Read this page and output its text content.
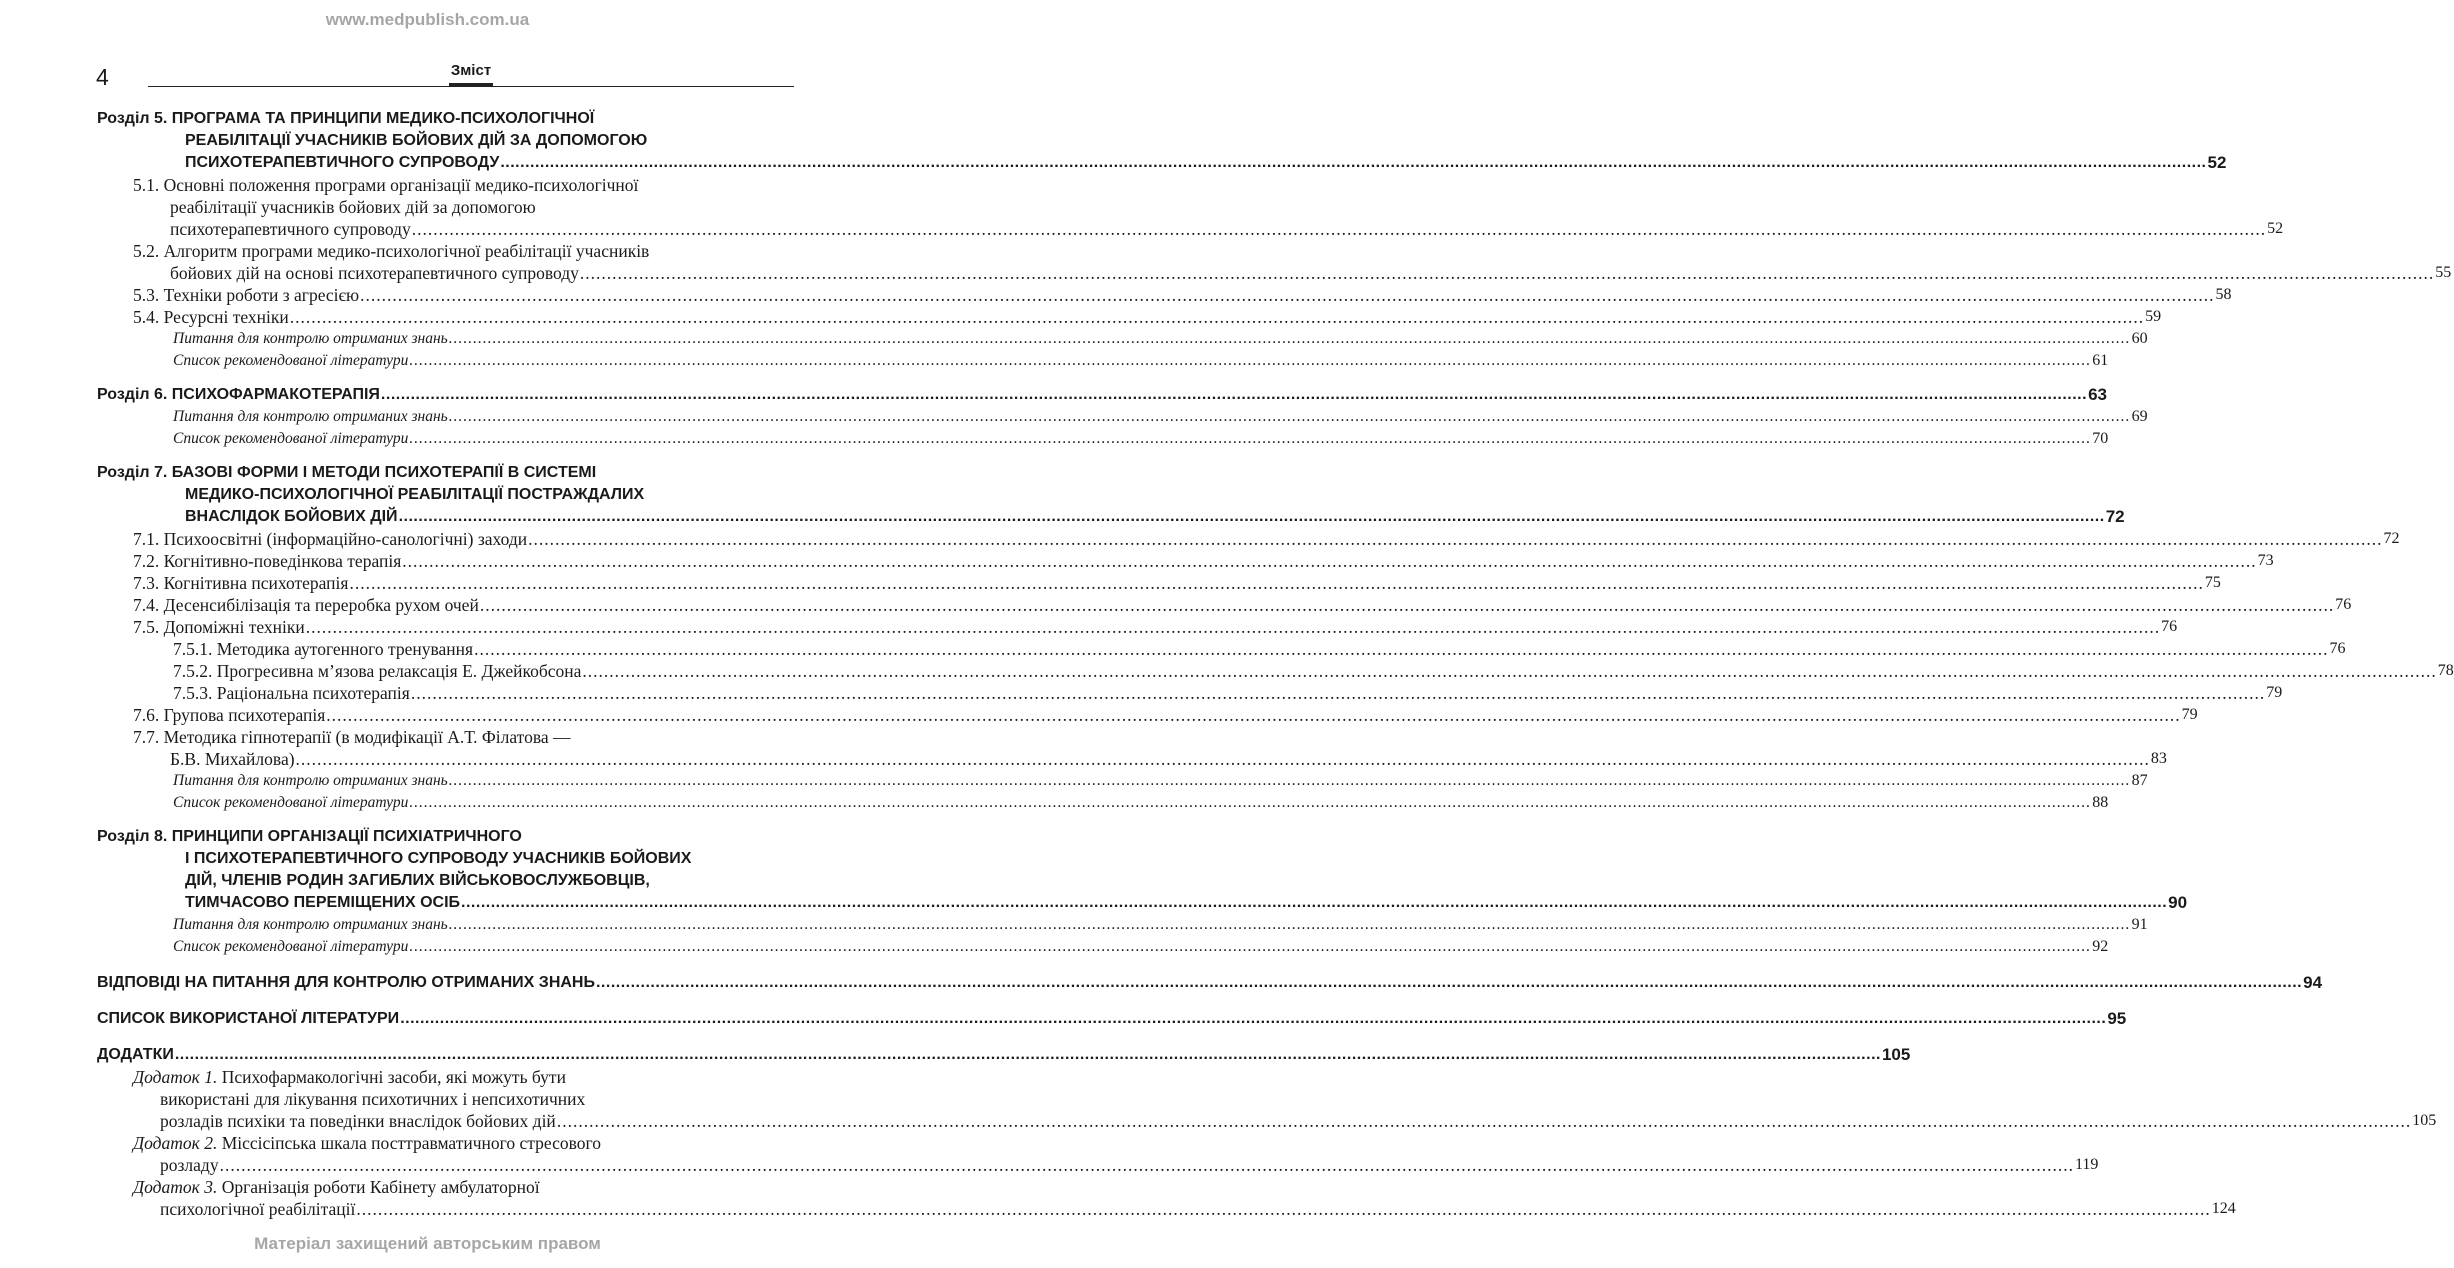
www.medpublish.com.ua
4	Зміст
Розділ 5. ПРОГРАМА ТА ПРИНЦИПИ МЕДИКО-ПСИХОЛОГІЧНОЇ
РЕАБІЛІТАЦІЇ УЧАСНИКІВ БОЙОВИХ ДІЙ ЗА ДОПОМОГОЮ
ПСИХОТЕРАПЕВТИЧНОГО СУПРОВОДУ .....	52
5.1. Основні положення програми організації медико-психологічної
реабілітації учасників бойових дій за допомогою
психотерапевтичного супроводу .....	52
5.2. Алгоритм програми медико-психологічної реабілітації учасників
бойових дій на основі психотерапевтичного супроводу .....	55
5.3. Техніки роботи з агресією .....	58
5.4. Ресурсні техніки .....	59
Питання для контролю отриманих знань .....	60
Список рекомендованої літератури .....	61
Розділ 6. ПСИХОФАРМАКОТЕРАПІЯ .....	63
Питання для контролю отриманих знань .....	69
Список рекомендованої літератури .....	70
Розділ 7. БАЗОВІ ФОРМИ І МЕТОДИ ПСИХОТЕРАПІЇ В СИСТЕМІ
МЕДИКО-ПСИХОЛОГІЧНОЇ РЕАБІЛІТАЦІЇ ПОСТРАЖДАЛИХ
ВНАСЛІДОК БОЙОВИХ ДІЙ .....	72
7.1. Психоосвітні (інформаційно-санологічні) заходи .....	72
7.2. Когнітивно-поведінкова терапія .....	73
7.3. Когнітивна психотерапія .....	75
7.4. Десенсибілізація та переробка рухом очей .....	76
7.5. Допоміжні техніки .....	76
7.5.1. Методика аутогенного тренування .....	76
7.5.2. Прогресивна м’язова релаксація Е. Джейкобсона .....	78
7.5.3. Раціональна психотерапія .....	79
7.6. Групова психотерапія .....	79
7.7. Методика гіпнотерапії (в модифікації А.Т. Філатова —
Б.В. Михайлова) .....	83
Питання для контролю отриманих знань .....	87
Список рекомендованої літератури .....	88
Розділ 8. ПРИНЦИПИ ОРГАНІЗАЦІЇ ПСИХІАТРИЧНОГО
І ПСИХОТЕРАПЕВТИЧНОГО СУПРОВОДУ УЧАСНИКІВ БОЙОВИХ
ДІЙ, ЧЛЕНІВ РОДИН ЗАГИБЛИХ ВІЙСЬКОВОСЛУЖБОВЦІВ,
ТИМЧАСОВО ПЕРЕМІЩЕНИХ ОСІБ .....	90
Питання для контролю отриманих знань .....	91
Список рекомендованої літератури .....	92
ВІДПОВІДІ НА ПИТАННЯ ДЛЯ КОНТРОЛЮ ОТРИМАНИХ ЗНАНЬ .....	94
СПИСОК ВИКОРИСТАНОЇ ЛІТЕРАТУРИ .....	95
ДОДАТКИ .....	105
Додаток 1. Психофармакологічні засоби, які можуть бути
використані для лікування психотичних і непсихотичних
розладів психіки та поведінки внаслідок бойових дій .....	105
Додаток 2. Міссісіпська шкала посттравматичного стресового
розладу .....	119
Додаток 3. Організація роботи Кабінету амбулаторної
психологічної реабілітації .....	124
Матеріал захищений авторським правом
